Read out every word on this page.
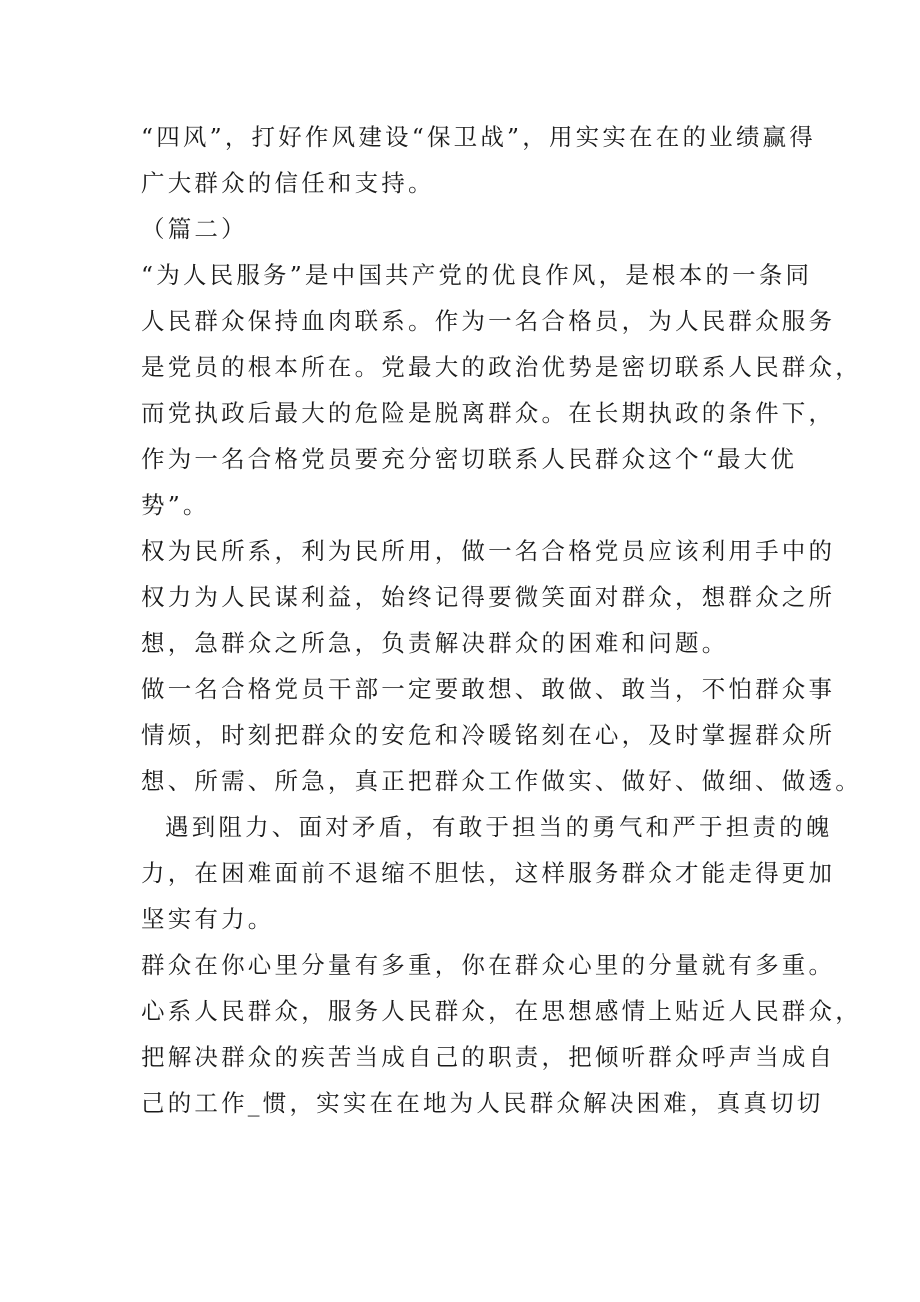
“四风”，打好作风建设“保卫战”，用实实在在的业绩赢得
广大群众的信任和支持。
（篇二）
“为人民服务”是中国共产党的优良作风，是根本的一条同
人民群众保持血肉联系。作为一名合格员，为人民群众服务
是党员的根本所在。党最大的政治优势是密切联系人民群众，
而党执政后最大的危险是脱离群众。在长期执政的条件下，
作为一名合格党员要充分密切联系人民群众这个“最大优
势”。
权为民所系，利为民所用，做一名合格党员应该利用手中的
权力为人民谋利益，始终记得要微笑面对群众，想群众之所
想，急群众之所急，负责解决群众的困难和问题。
做一名合格党员干部一定要敢想、敢做、敢当，不怕群众事
情烦，时刻把群众的安危和冷暖铭刻在心，及时掌握群众所
想、所需、所急，真正把群众工作做实、做好、做细、做透。
遇到阻力、面对矛盾，有敢于担当的勇气和严于担责的魄
力，在困难面前不退缩不胆怯，这样服务群众才能走得更加
坚实有力。
群众在你心里分量有多重，你在群众心里的分量就有多重。
心系人民群众，服务人民群众，在思想感情上贴近人民群众，
把解决群众的疾苦当成自己的职责，把倾听群众呼声当成自
己的工作_惯，实实在在地为人民群众解决困难，真真切切
